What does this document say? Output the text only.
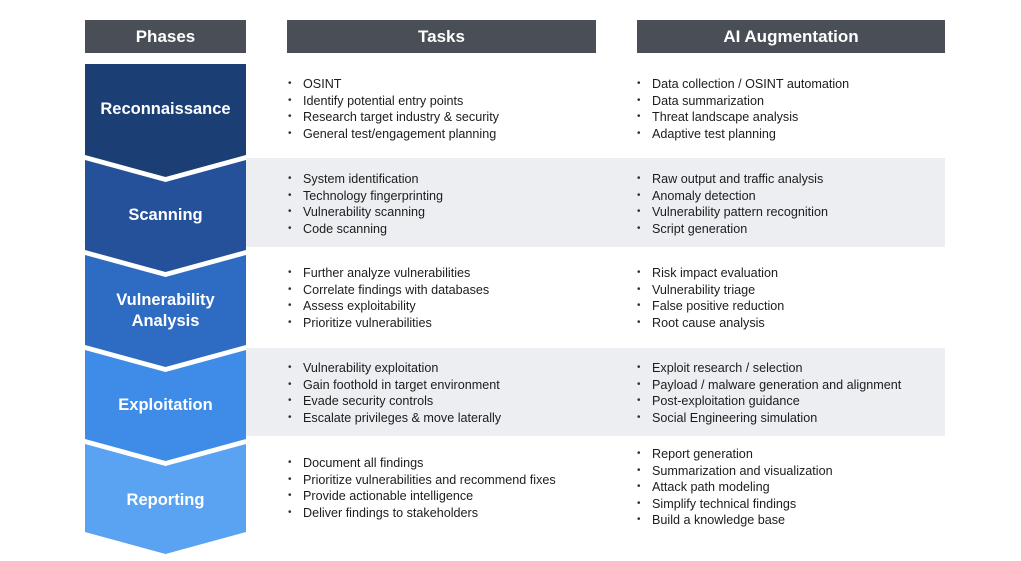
Phases	Tasks	AI Augmentation
Reconnaissance
Scanning
Vulnerability
Analysis
Exploitation
Reporting
• OSINT
• Identify potential entry points
• Research target industry & security
• General test/engagement planning
• Data collection / OSINT automation
• Data summarization
• Threat landscape analysis
• Adaptive test planning
• System identification
• Technology fingerprinting
• Vulnerability scanning
• Code scanning
• Raw output and traffic analysis
• Anomaly detection
• Vulnerability pattern recognition
• Script generation
• Further analyze vulnerabilities
• Correlate findings with databases
• Assess exploitability
• Prioritize vulnerabilities
• Risk impact evaluation
• Vulnerability triage
• False positive reduction
• Root cause analysis
• Vulnerability exploitation
• Gain foothold in target environment
• Evade security controls
• Escalate privileges & move laterally
• Exploit research / selection
• Payload / malware generation and alignment
• Post-exploitation guidance
• Social Engineering simulation
• Document all findings
• Prioritize vulnerabilities and recommend fixes
• Provide actionable intelligence
• Deliver findings to stakeholders
• Report generation
• Summarization and visualization
• Attack path modeling
• Simplify technical findings
• Build a knowledge base
